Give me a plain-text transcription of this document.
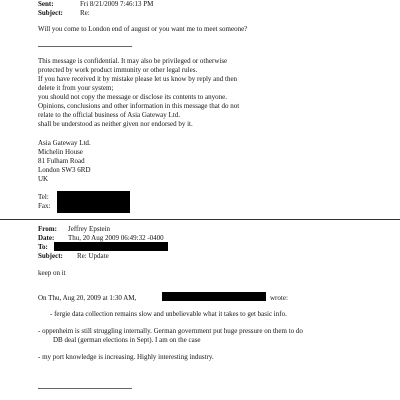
Sent:	Fri 8/21/2009 7:46:13 PM
Subject: Re:
Will you come to London end of august or you want me to meet someone?
This message is confidential. It may also be privileged or otherwise
protected by work product immunity or other legal rules.
If you have received it by mistake please let us know by reply and then
delete it from your system;
you should not copy the message or disclose its contents to anyone.
Opinions, conclusions and other information in this message that do not
relate to the official business of Asia Gateway Ltd.
shall be understood as neither given nor endorsed by it.
Asia Gateway Ltd.
Michelin House
81 Fulham Road
London SW3 6RD
UK
Tel:
Fax:
From: Jeffrey Epstein
Date: Thu, 20 Aug 2009 06:49:32 -0400
To:
Subject: Re: Update
keep on it
On Thu, Aug 20, 2009 at 1:30 AM,	wrote:
- fergie data collection remains slow and unbelievable what it takes to get basic info.
- oppenheim is still struggling internally. German government put huge pressure on them to do
DB deal (german elections in Sept). I am on the case
- my port knowledge is increasing. Highly interesting industry.
